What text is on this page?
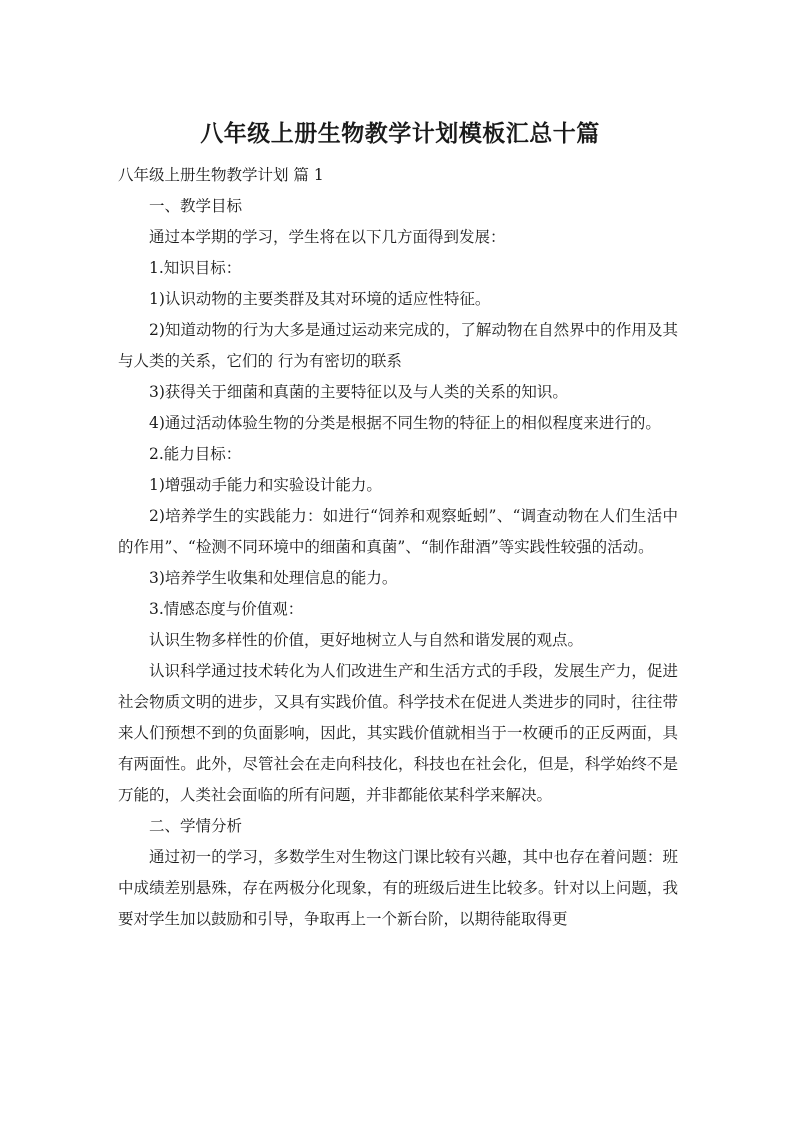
八年级上册生物教学计划模板汇总十篇

八年级上册生物教学计划 篇 1

一、教学目标

通过本学期的学习，学生将在以下几方面得到发展：

1.知识目标：

1)认识动物的主要类群及其对环境的适应性特征。

2)知道动物的行为大多是通过运动来完成的，了解动物在自然界中的作用及其与人类的关系，它们的 行为有密切的联系

3)获得关于细菌和真菌的主要特征以及与人类的关系的知识。

4)通过活动体验生物的分类是根据不同生物的特征上的相似程度来进行的。

2.能力目标：

1)增强动手能力和实验设计能力。

2)培养学生的实践能力：如进行“饲养和观察蚯蚓”、“调查动物在人们生活中的作用”、“检测不同环境中的细菌和真菌”、“制作甜酒”等实践性较强的活动。

3)培养学生收集和处理信息的能力。

3.情感态度与价值观：

认识生物多样性的价值，更好地树立人与自然和谐发展的观点。

认识科学通过技术转化为人们改进生产和生活方式的手段，发展生产力，促进社会物质文明的进步，又具有实践价值。科学技术在促进人类进步的同时，往往带来人们预想不到的负面影响，因此，其实践价值就相当于一枚硬币的正反两面，具有两面性。此外，尽管社会在走向科技化，科技也在社会化，但是，科学始终不是万能的，人类社会面临的所有问题，并非都能依某科学来解决。

二、学情分析

通过初一的学习，多数学生对生物这门课比较有兴趣，其中也存在着问题：班中成绩差别悬殊，存在两极分化现象，有的班级后进生比较多。针对以上问题，我要对学生加以鼓励和引导，争取再上一个新台阶，以期待能取得更
